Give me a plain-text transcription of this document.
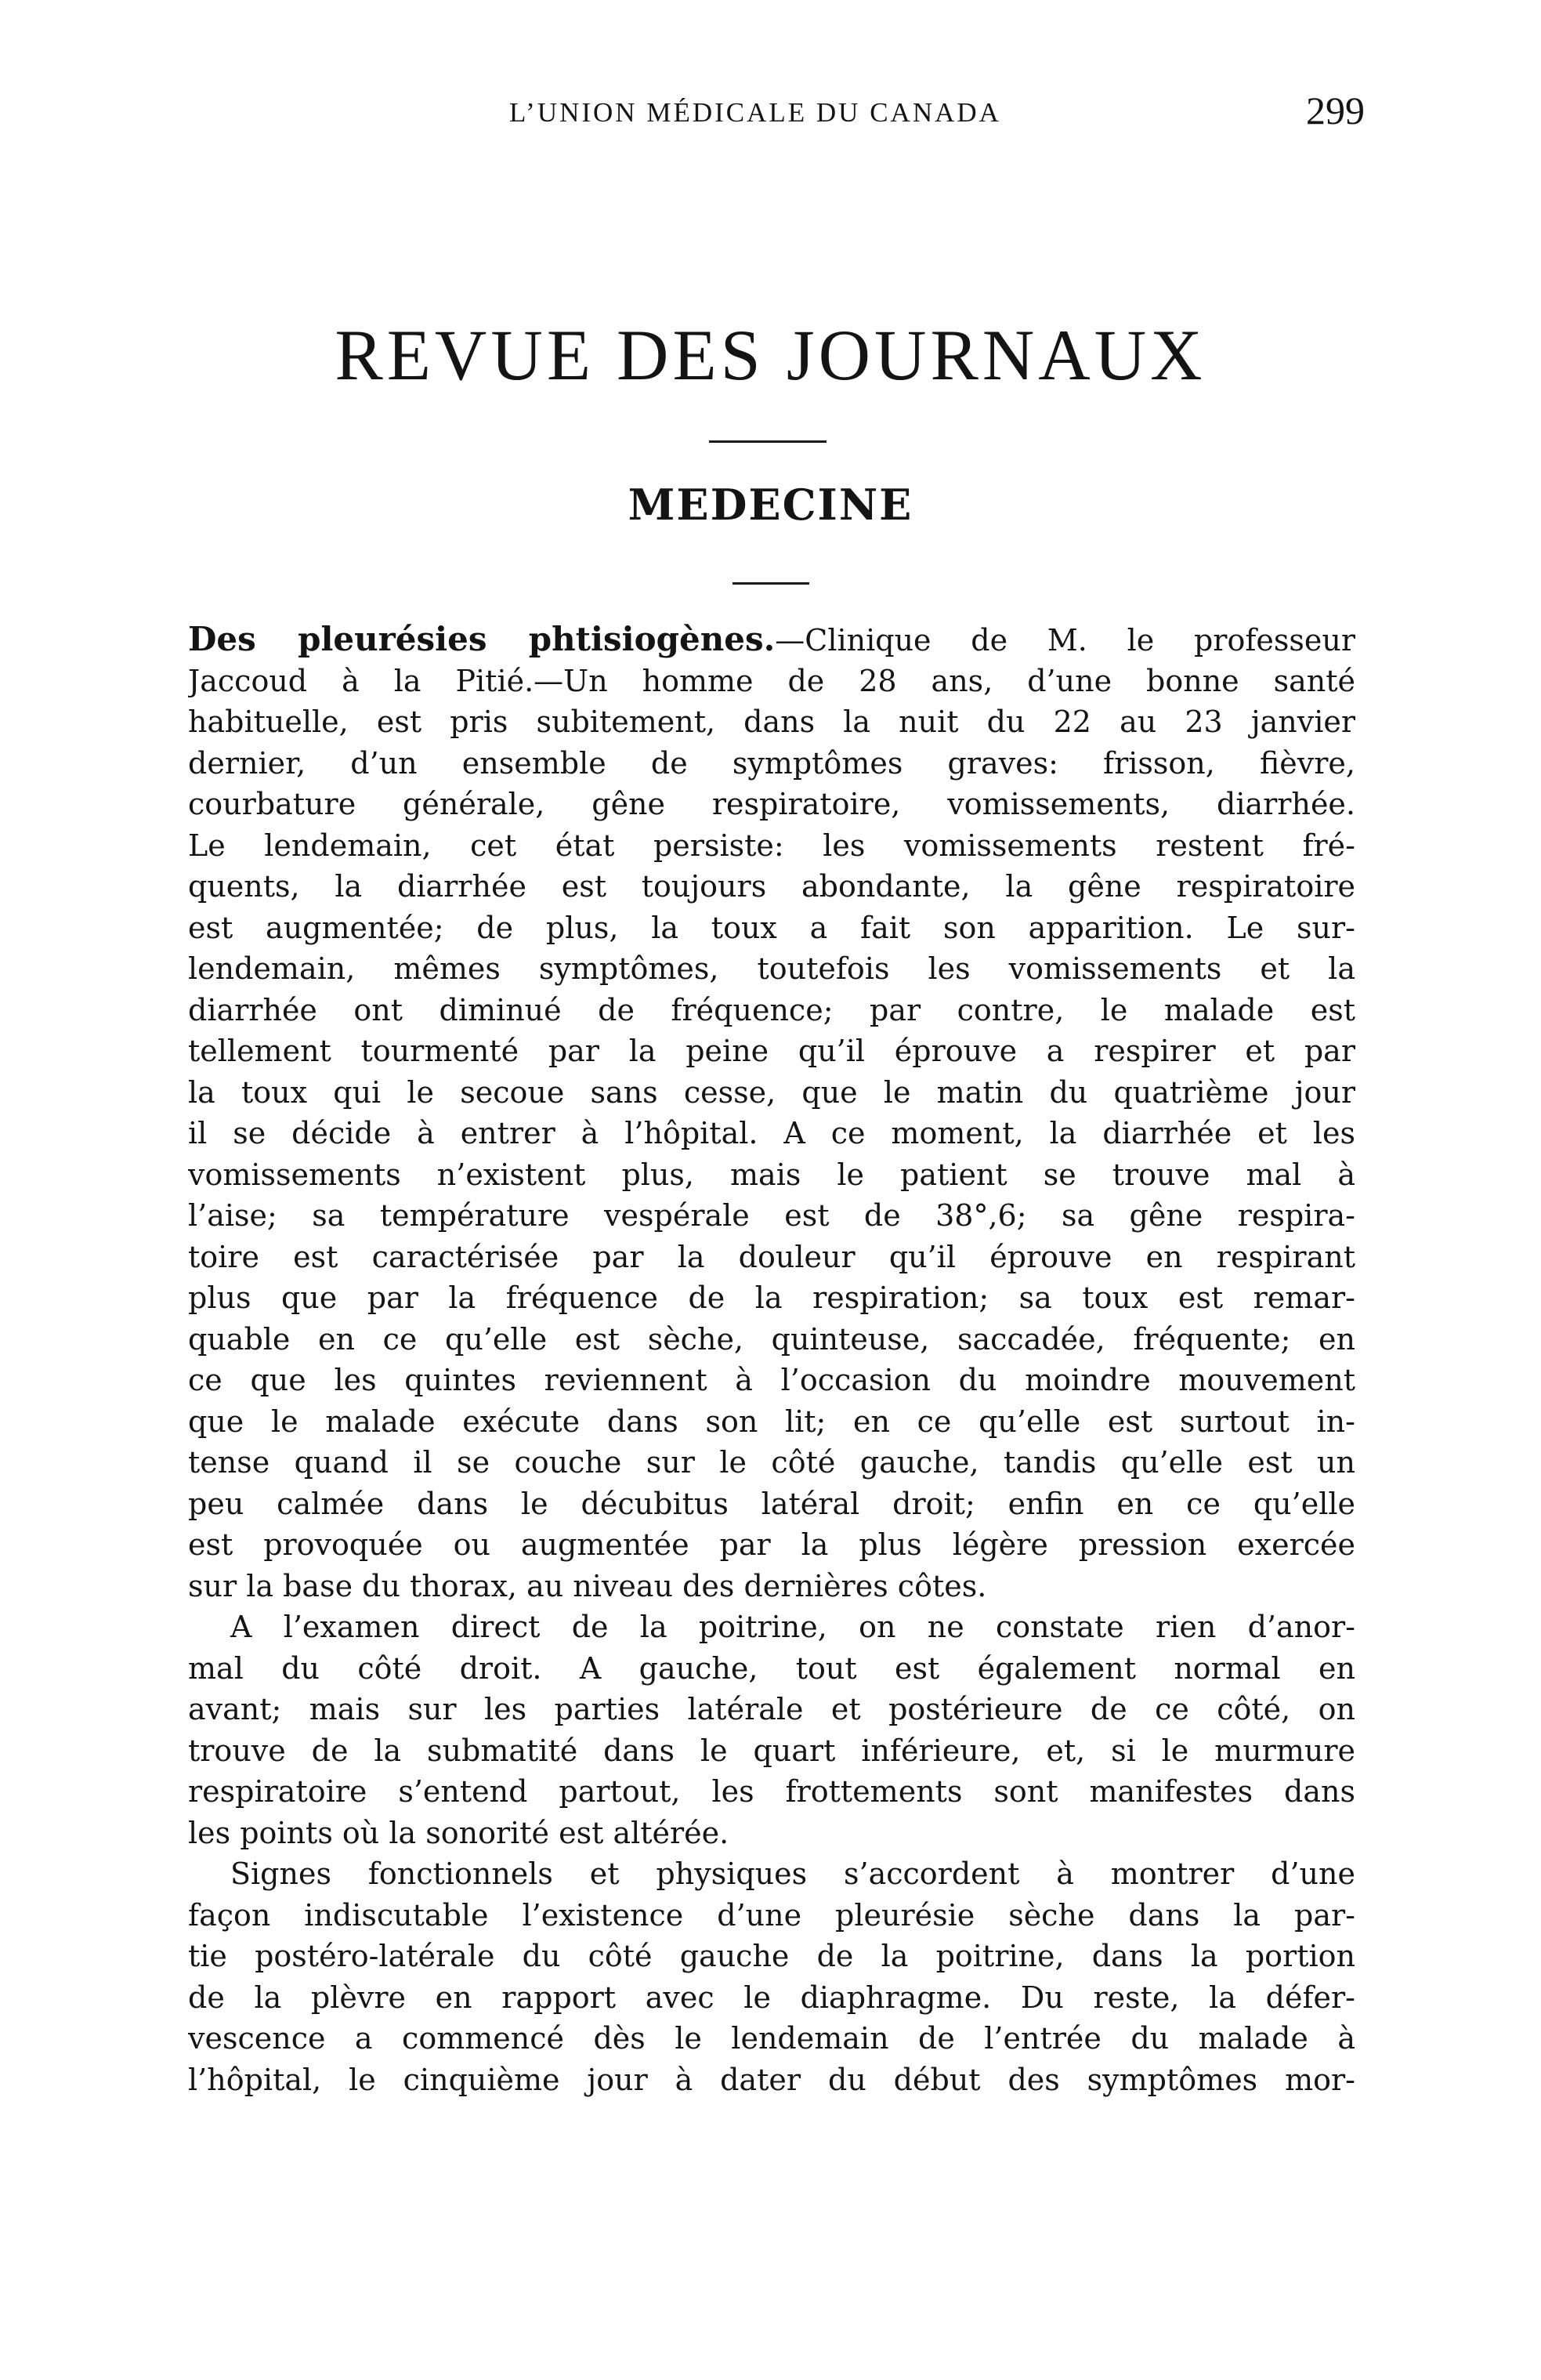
L’UNION MÉDICALE DU CANADA	299
REVUE DES JOURNAUX
MEDECINE
Des pleurésies phtisiogènes.—Clinique de M. le professeur
Jaccoud à la Pitié.—Un homme de 28 ans, d’une bonne santé
habituelle, est pris subitement, dans la nuit du 22 au 23 janvier
dernier, d’un ensemble de symptômes graves: frisson, fièvre,
courbature générale, gêne respiratoire, vomissements, diarrhée.
Le lendemain, cet état persiste: les vomissements restent fré-
quents, la diarrhée est toujours abondante, la gêne respiratoire
est augmentée; de plus, la toux a fait son apparition. Le sur-
lendemain, mêmes symptômes, toutefois les vomissements et la
diarrhée ont diminué de fréquence; par contre, le malade est
tellement tourmenté par la peine qu’il éprouve a respirer et par
la toux qui le secoue sans cesse, que le matin du quatrième jour
il se décide à entrer à l’hôpital. A ce moment, la diarrhée et les
vomissements n’existent plus, mais le patient se trouve mal à
l’aise; sa température vespérale est de 38°,6; sa gêne respira-
toire est caractérisée par la douleur qu’il éprouve en respirant
plus que par la fréquence de la respiration; sa toux est remar-
quable en ce qu’elle est sèche, quinteuse, saccadée, fréquente; en
ce que les quintes reviennent à l’occasion du moindre mouvement
que le malade exécute dans son lit; en ce qu’elle est surtout in-
tense quand il se couche sur le côté gauche, tandis qu’elle est un
peu calmée dans le décubitus latéral droit; enfin en ce qu’elle
est provoquée ou augmentée par la plus légère pression exercée
sur la base du thorax, au niveau des dernières côtes.
A l’examen direct de la poitrine, on ne constate rien d’anor-
mal du côté droit. A gauche, tout est également normal en
avant; mais sur les parties latérale et postérieure de ce côté, on
trouve de la submatité dans le quart inférieure, et, si le murmure
respiratoire s’entend partout, les frottements sont manifestes dans
les points où la sonorité est altérée.
Signes fonctionnels et physiques s’accordent à montrer d’une
façon indiscutable l’existence d’une pleurésie sèche dans la par-
tie postéro-latérale du côté gauche de la poitrine, dans la portion
de la plèvre en rapport avec le diaphragme. Du reste, la défer-
vescence a commencé dès le lendemain de l’entrée du malade à
l’hôpital, le cinquième jour à dater du début des symptômes mor-
